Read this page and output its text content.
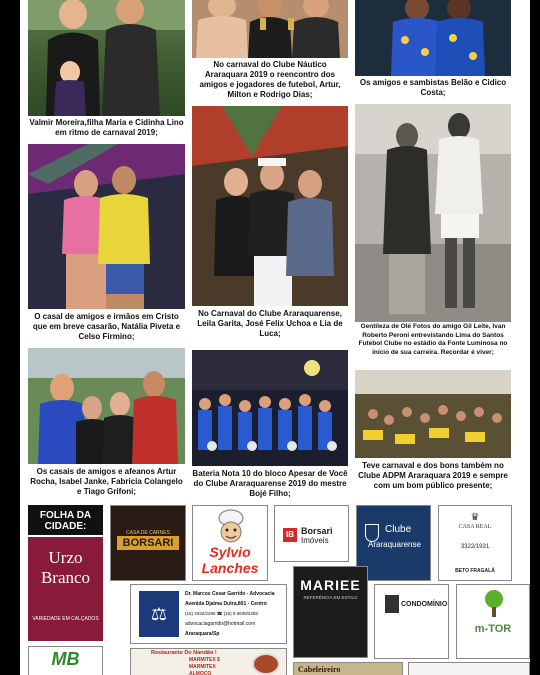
Valmir Moreira,filha Maria e Cidinha Lino em ritmo de carnaval 2019;
No carnaval do Clube Náutico Araraquara 2019 o reencontro dos amigos e jogadores de futebol, Artur, Milton e Rodrigo Dias;
Os amigos e sambistas Belão e Cidico Costa;
O casal de amigos e irmãos em Cristo que em breve casarão, Natália Piveta e Celso Firmino;
No Carnaval do Clube Araraquarense, Leila Garita, José Felix Uchoa e Lia de Luca;
Gentileza de Olé Fotos do amigo Gil Leite, Ivan Roberto Peroni entrevistando Lima do Santos Futebol Clube no estádio da Fonte Luminosa no início de sua carreira. Recordar é viver;
Os casais de amigos e afeanos Artur Rocha, Isabel Janke, Fabricia Colangelo e Tiago Grifoni;
Bateria Nota 10 do bloco Apesar de Você do Clube Araraquarense 2019 do mestre Bojé Filho;
Teve carnaval e dos bons também no Clube ADPM Araraquara 2019 e sempre com um bom público presente;
FOLHA DA CIDADE:
Urzo
Branco
VARIEDADE EM CALÇADOS
CASA DE CARNES
BORSARI
Sylvio
Lanches
IB Borsari
Imóveis
Clube
Araraquarense
♛
CASA REAL
3322/1931
BETO FRAGALÁ
⚖
Dr. Marcos Cesar Garrido - Advocacia
Avenida Djalma Dutra,801 - Centro
(16) 3332/2286 ☎ (16) 9 9638/2258
advocaciagarrido@hotmail.com
Araraquara/Sp
MARIEE
REFERÊNCIA EM ESTILO
CONDOMÍNIO
m-TOR
MB	Restaurante Do Nandão !
MARMITEX $
MARMITEX
ALMOÇO	Cabeleireiro
